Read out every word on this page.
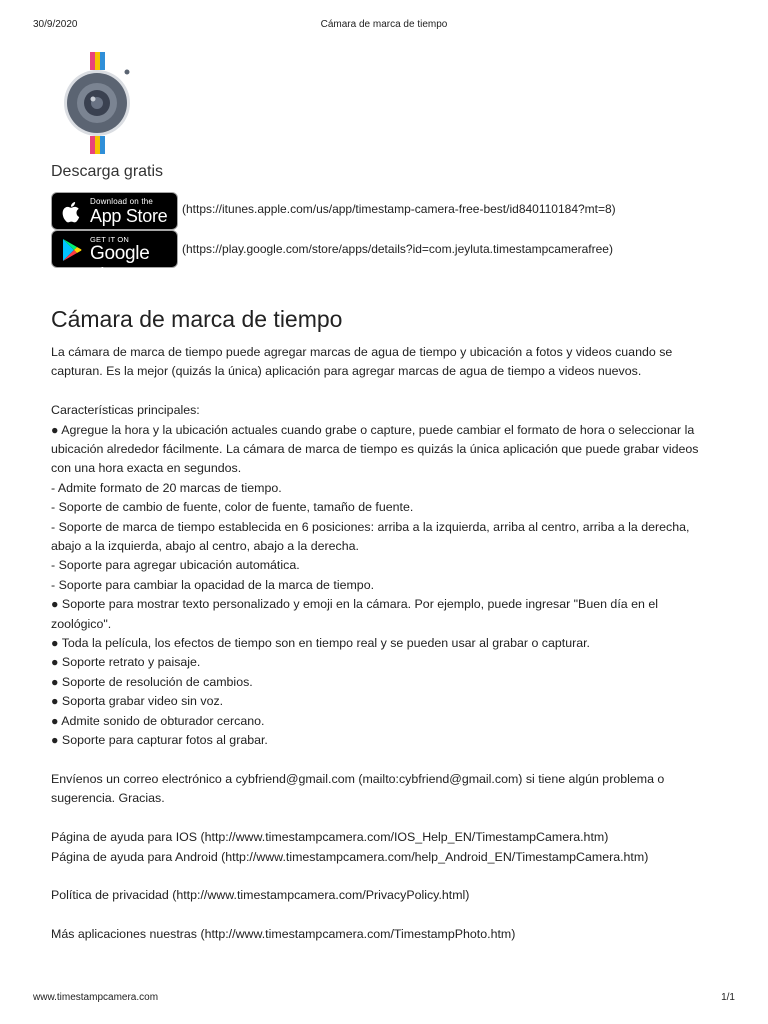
30/9/2020	Cámara de marca de tiempo
Descarga gratis
Download on the
App Store (https://itunes.apple.com/us/app/timestamp-camera-free-best/id840110184?mt=8)
GET IT ON
Google play
(https://play.google.com/store/apps/details?id=com.jeyluta.timestampcamerafree)
Cámara de marca de tiempo

La cámara de marca de tiempo puede agregar marcas de agua de tiempo y ubicación a fotos y videos cuando se capturan. Es la mejor (quizás la única) aplicación para agregar marcas de agua de tiempo a videos nuevos.

Características principales:

● Agregue la hora y la ubicación actuales cuando grabe o capture, puede cambiar el formato de hora o seleccionar la ubicación alrededor fácilmente. La cámara de marca de tiempo es quizás la única aplicación que puede grabar videos con una hora exacta en segundos.

- Admite formato de 20 marcas de tiempo.

- Soporte de cambio de fuente, color de fuente, tamaño de fuente.

- Soporte de marca de tiempo establecida en 6 posiciones: arriba a la izquierda, arriba al centro, arriba a la derecha, abajo a la izquierda, abajo al centro, abajo a la derecha.

- Soporte para agregar ubicación automática.

- Soporte para cambiar la opacidad de la marca de tiempo.

● Soporte para mostrar texto personalizado y emoji en la cámara. Por ejemplo, puede ingresar "Buen día en el zoológico".

● Toda la película, los efectos de tiempo son en tiempo real y se pueden usar al grabar o capturar.

● Soporte retrato y paisaje.

● Soporte de resolución de cambios.

● Soporta grabar video sin voz.

● Admite sonido de obturador cercano.

● Soporte para capturar fotos al grabar.

Envíenos un correo electrónico a cybfriend@gmail.com (mailto:cybfriend@gmail.com) si tiene algún problema o sugerencia. Gracias.

Página de ayuda para IOS (http://www.timestampcamera.com/IOS_Help_EN/TimestampCamera.htm)

Página de ayuda para Android (http://www.timestampcamera.com/help_Android_EN/TimestampCamera.htm)

Política de privacidad (http://www.timestampcamera.com/PrivacyPolicy.html)

Más aplicaciones nuestras (http://www.timestampcamera.com/TimestampPhoto.htm)

www.timestampcamera.com	1/1
